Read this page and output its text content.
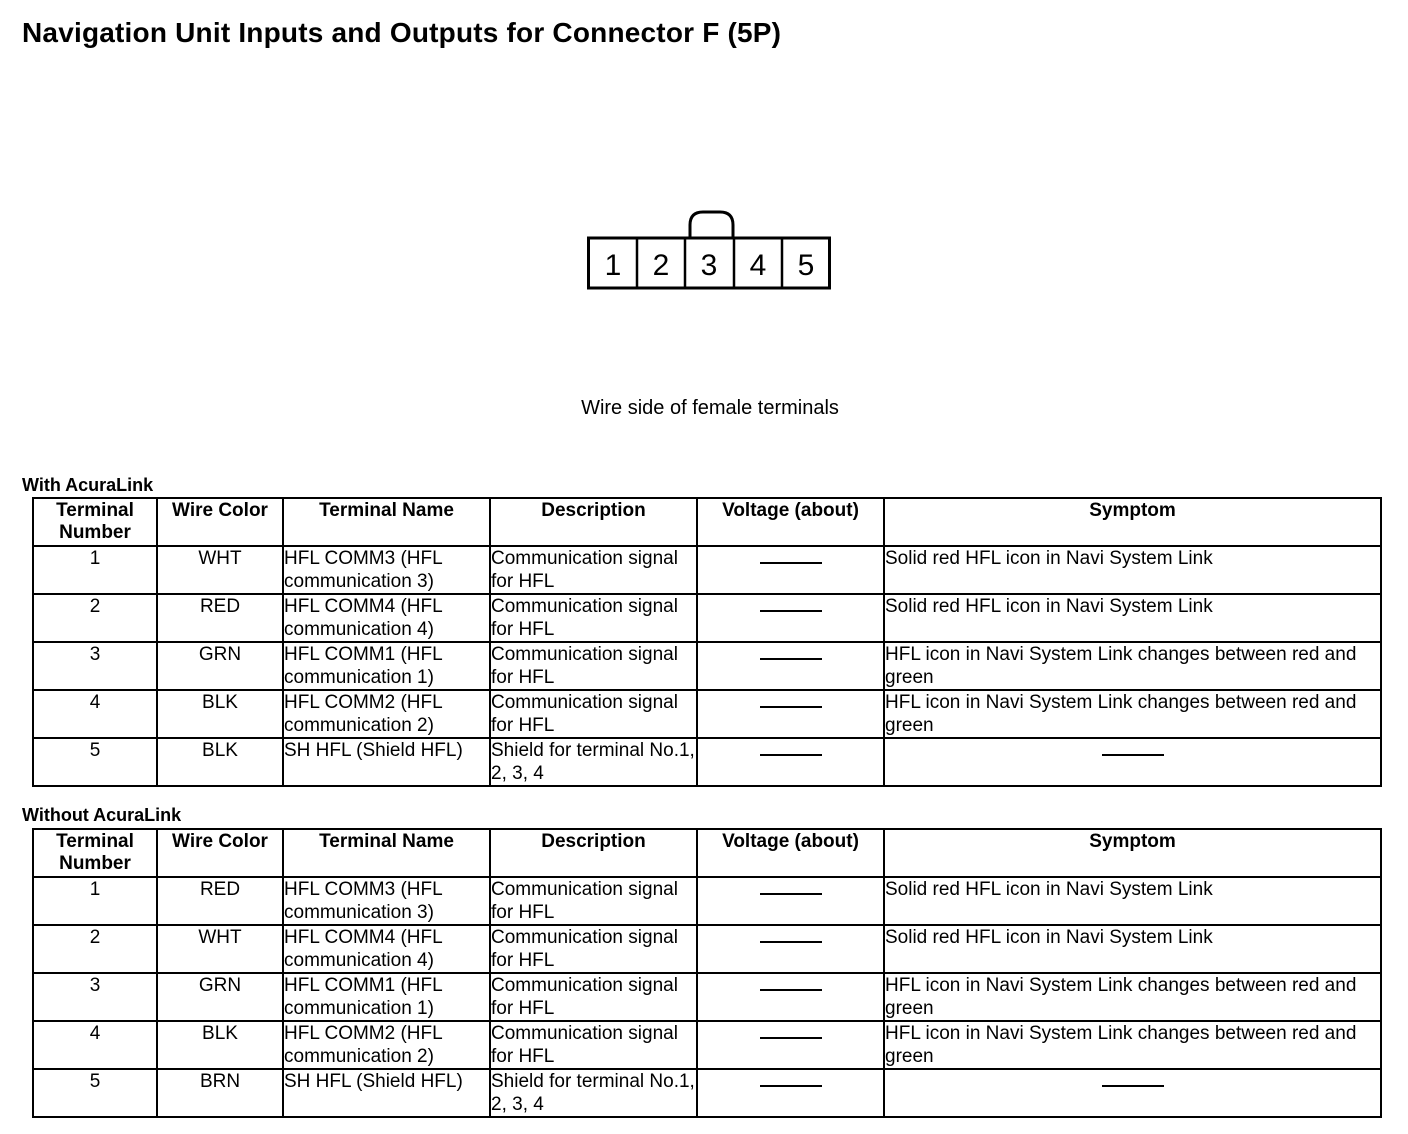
Navigation Unit Inputs and Outputs for Connector F (5P)
1 2 3 4 5
Wire side of female terminals
With AcuraLink
Terminal Number	Wire Color	Terminal Name	Description	Voltage (about)	Symptom
1	WHT	HFL COMM3 (HFL communication 3)	Communication signal for HFL		Solid red HFL icon in Navi System Link
2	RED	HFL COMM4 (HFL communication 4)	Communication signal for HFL		Solid red HFL icon in Navi System Link
3	GRN	HFL COMM1 (HFL communication 1)	Communication signal for HFL		HFL icon in Navi System Link changes between red and green
4	BLK	HFL COMM2 (HFL communication 2)	Communication signal for HFL		HFL icon in Navi System Link changes between red and green
5	BLK	SH HFL (Shield HFL)	Shield for terminal No.1, 2, 3, 4		
Without AcuraLink
Terminal Number	Wire Color	Terminal Name	Description	Voltage (about)	Symptom
1	RED	HFL COMM3 (HFL communication 3)	Communication signal for HFL		Solid red HFL icon in Navi System Link
2	WHT	HFL COMM4 (HFL communication 4)	Communication signal for HFL		Solid red HFL icon in Navi System Link
3	GRN	HFL COMM1 (HFL communication 1)	Communication signal for HFL		HFL icon in Navi System Link changes between red and green
4	BLK	HFL COMM2 (HFL communication 2)	Communication signal for HFL		HFL icon in Navi System Link changes between red and green
5	BRN	SH HFL (Shield HFL)	Shield for terminal No.1, 2, 3, 4		
